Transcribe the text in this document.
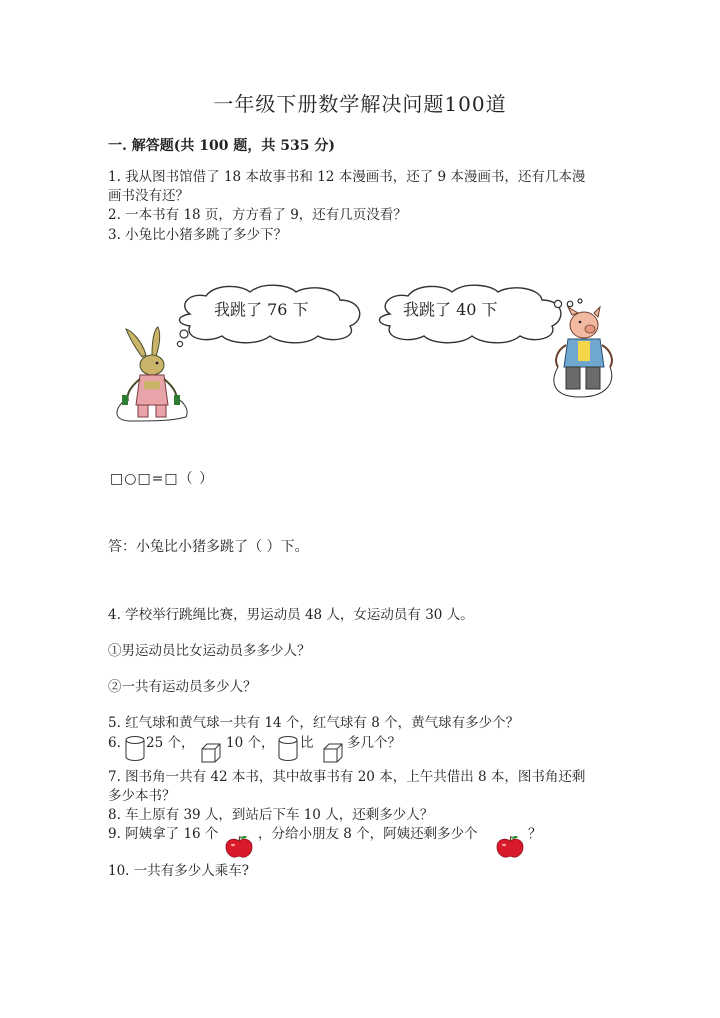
一年级下册数学解决问题100道
一. 解答题(共 100 题，共 535 分)
1. 我从图书馆借了 18 本故事书和 12 本漫画书，还了 9 本漫画书，还有几本漫
画书没有还？
2. 一本书有 18 页，方方看了 9，还有几页没看？
3. 小兔比小猪多跳了多少下？
我跳了 76 下	我跳了 40 下
□○□=□（ ）
答：小兔比小猪多跳了（ ）下。
4. 学校举行跳绳比赛，男运动员 48 人，女运动员有 30 人。
①男运动员比女运动员多多少人？
②一共有运动员多少人？
5. 红气球和黄气球一共有 14 个，红气球有 8 个，黄气球有多少个？
6. 25 个， 10 个， 比 多几个？
7. 图书角一共有 42 本书，其中故事书有 20 本，上午共借出 8 本，图书角还剩
多少本书？
8. 车上原有 39 人，到站后下车 10 人，还剩多少人？
9. 阿姨拿了 16 个	，分给小朋友 8 个，阿姨还剩多少个	？
10. 一共有多少人乘车?
